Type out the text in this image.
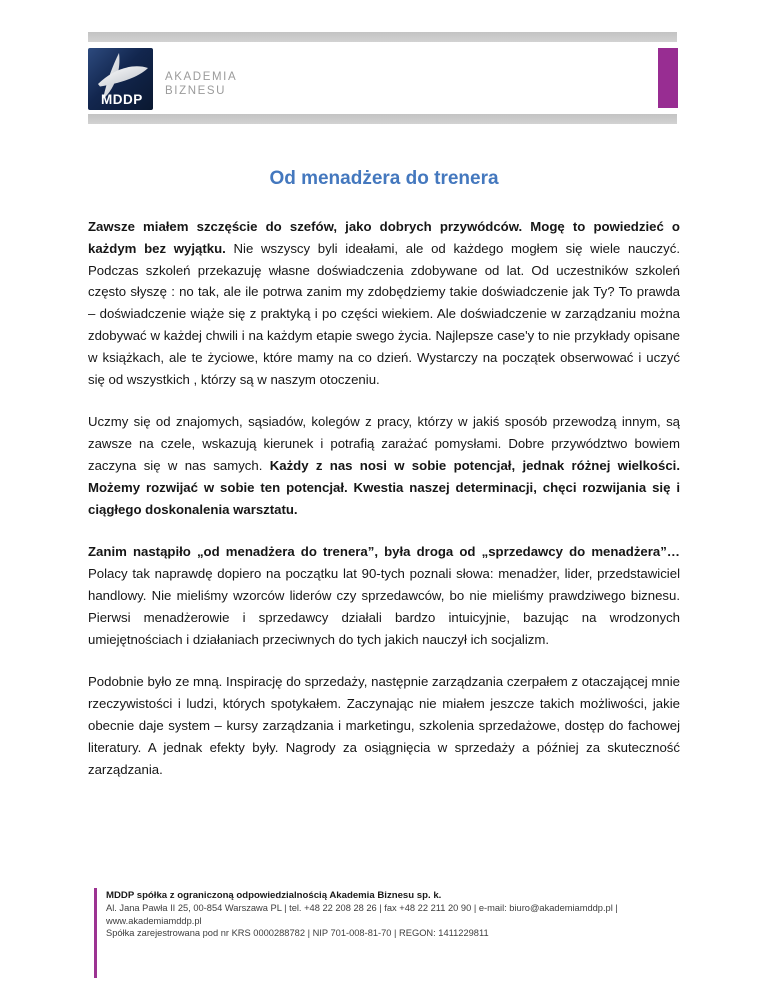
MDDP
AKADEMIA
BIZNESU
Od menadżera do trenera

Zawsze miałem szczęście do szefów, jako dobrych przywódców. Mogę to powiedzieć o każdym bez wyjątku. Nie wszyscy byli ideałami, ale od każdego mogłem się wiele nauczyć. Podczas szkoleń przekazuję własne doświadczenia zdobywane od lat. Od uczestników szkoleń często słyszę : no tak, ale ile potrwa zanim my zdobędziemy takie doświadczenie jak Ty? To prawda – doświadczenie wiąże się z praktyką i po części wiekiem. Ale doświadczenie w zarządzaniu można zdobywać w każdej chwili i na każdym etapie swego życia. Najlepsze case'y to nie przykłady opisane w książkach, ale te życiowe, które mamy na co dzień. Wystarczy na początek obserwować i uczyć się od wszystkich , którzy są w naszym otoczeniu.

Uczmy się od znajomych, sąsiadów, kolegów z pracy, którzy w jakiś sposób przewodzą innym, są zawsze na czele, wskazują kierunek i potrafią zarażać pomysłami. Dobre przywództwo bowiem zaczyna się w nas samych. Każdy z nas nosi w sobie potencjał, jednak różnej wielkości. Możemy rozwijać w sobie ten potencjał. Kwestia naszej determinacji, chęci rozwijania się i ciągłego doskonalenia warsztatu.

Zanim nastąpiło „od menadżera do trenera”, była droga od „sprzedawcy do menadżera”… Polacy tak naprawdę dopiero na początku lat 90-tych poznali słowa: menadżer, lider, przedstawiciel handlowy. Nie mieliśmy wzorców liderów czy sprzedawców, bo nie mieliśmy prawdziwego biznesu. Pierwsi menadżerowie i sprzedawcy działali bardzo intuicyjnie, bazując na wrodzonych umiejętnościach i działaniach przeciwnych do tych jakich nauczył ich socjalizm.

Podobnie było ze mną. Inspirację do sprzedaży, następnie zarządzania czerpałem z otaczającej mnie rzeczywistości i ludzi, których spotykałem. Zaczynając nie miałem jeszcze takich możliwości, jakie obecnie daje system – kursy zarządzania i marketingu, szkolenia sprzedażowe, dostęp do fachowej literatury. A jednak efekty były. Nagrody za osiągnięcia w sprzedaży a później za skuteczność zarządzania.

MDDP spółka z ograniczoną odpowiedzialnością Akademia Biznesu sp. k.
Al. Jana Pawła II 25, 00-854 Warszawa PL | tel. +48 22 208 28 26 | fax +48 22 211 20 90 | e-mail: biuro@akademiamddp.pl | www.akademiamddp.pl
Spółka zarejestrowana pod nr KRS 0000288782 | NIP 701-008-81-70 | REGON: 1411229811
